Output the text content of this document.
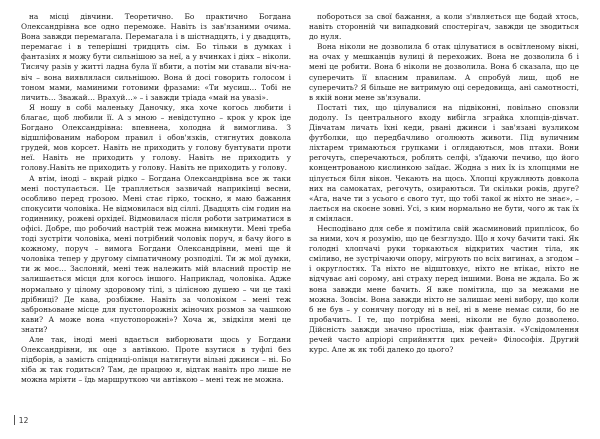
на місці дівчини. Теоретично. Бо практично Богдана Олександрівна все одно переможе. Навіть із зав'язаними очима. Вона завжди перемагала. Перемагала і в шістнадцять, і у двадцять, перемагає і в теперішні тридцять сім. Бо тільки в думках і фантазіях я можу бути сильнішою за неї, а у вчинках і діях – ніколи. Тисячу разів у житті ладна була її вбити, а потім ми ставали віч-на-віч – вона виявлялася сильнішою. Вона й досі говорить голосом і тоном мами, маминими готовими фразами: «Ти мусиш… Тобі не личить… Зважай… Врахуй…» – і завжди тріада «май на увазі».

Я ношу в собі маленьку Даночку, яка хоче когось любити і благає, щоб любили її. А з мною – невідступно – крок у крок іде Богдано Олександрівна: впевнена, холодна й вимоглива. З відшліфованим набором правил і обов'язків, стягнутих довкола грудей, мов корсет. Навіть не приходить у голову бунтувати проти неї. Навіть не приходить у голову. Навіть не приходить у голову.Навіть не приходить у голову. Навіть не приходить у голову.

А втім, іноді – вкрай рідко – Богдана Олександрівна все ж таки мені поступається. Це трапляється зазвичай наприкінці весни, особливо перед грозою. Мені стає гірко, тоскно, я маю бажання спокусити чоловіка. Не відмовилася від сіллі. Двадцять сім годин на годиннику, рожеві орхідеї. Відмовилася після роботи затриматися в офісі. Добре, що робочий настрій теж можна вимкнути. Мені треба тоді зустріти чоловіка, мені потрібний чоловік поруч, я бачу його в кожному, поруч – вимога Богдани Олександрівни, мені ще й чоловіка тепер у другому сімпатичному розподілі. Ти ж мої думки, ти ж моє… Заслоняй, мені теж належить мій власний простір не залишається місця для когось іншого. Наприклад, чоловіка. Адже нормально у цілому здоровому тілі, з цілісною душею – чи це такі дрібниці? Де кава, розбіжне. Навіть за чоловіком – мені теж заброньоване місце для пустопорожніх жіночих розмов за чашкою кави? А може вона «пустопорожні»? Хоча ж, звідкіля мені це знати?

Але так, іноді мені вдається виборювати щось у Богдани Олександрівни, як оце з автівкою. Проте взутися в туфлі без підборів, а замість спідниці-олівця натягнути вільні джинси – ні. Бо хіба ж так годиться? Там, де працюю я, відтак навіть про лише не можна мріяти – їдь маршруткою чи автівкою – мені теж не можна.

побороться за свої бажання, а коли з'являється ще бодай хтось, навіть сторонній чи випадковий спостерігач, завжди це зводиться до нуля.

Вона ніколи не дозволила б отак цілуватися в освітленому вікні, на очах у мешканців вулиці й перехожих. Вона не дозволила б і мені це робити. Вона б ніколи не дозволила. Вона б сказала, що це суперечить її власним правилам. А спробуй лиш, щоб не суперечить? Я більше не витримую оці середовища, ані самотності, в якій вони мене зв'язували.

Постаті тих, що цілувалися на підвіконні, повільно сповзли додолу. Із центрального входу вибігла зграйка хлопців-дівчат. Дівчатам личать їхні кеди, рвані джинси і зав'язані вузликом футболки, що передбачливо оголюють животи. Під вуличним ліхтарем тримаються групками і оглядаються, мов птахи. Вони регочуть, сперечаються, роблять селфі, з'їдаючи печиво, що його концентрованою кислинкою заїдає. Жодна з них їх із хлопцями не цілується біля вікон. Чекають на щось. Хлопці кружляють довкола них на самокатах, регочуть, озираються. Ти скільки років, друге? «Ага, наче ти з усього є свого тут, що тобі такої ж ніхто не знає», – лається на скоєне зовні. Усі, з ким нормально не бути, чого ж так їх я сміялася.

Несподівано для себе я помітила свій жасминовий приплісок, бо за ними, хоч я розумію, що це безглуздо. Що я хочу бачити такі. Як голодні хлопчачі руки торкаються відкритих частин тіла, як сміливо, не зустрічаючи опору, мігрують по всіх вигинах, а згодом – і округлостях. Та ніхто не відштовхує, ніхто не втікає, ніхто не відчуває ані сорому, ані страху перед іншими. Вона не ждала. Бо ж вона завжди мене бачить. Я вже помітила, що за межами не можна. Зовсім. Вона завжди ніхто не залишає мені вибору, що коли б не був – у сонячну погоду ні в неї, ні в мене немає сили, бо не пробачить. І те, що потрібна мені, ніколи не було дозволено. Дійсність завжди значно простіша, ніж фантазія. «Усвідомлення речей часто апріорі сприйняття цих речей» Філософія. Другий курс. Але ж як тобі далеко до цього?

12
